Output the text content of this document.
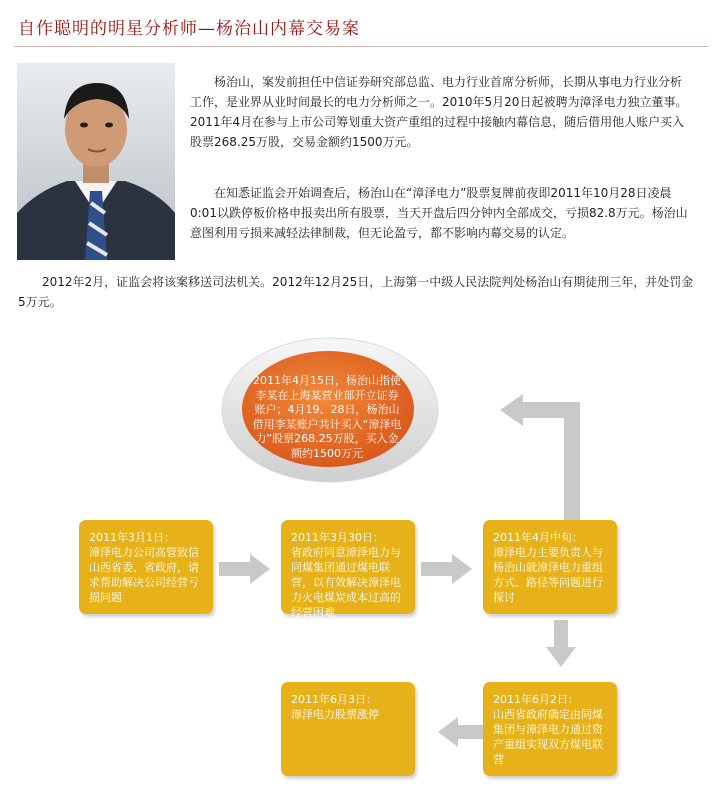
自作聪明的明星分析师—杨治山内幕交易案

杨治山，案发前担任中信证券研究部总监、电力行业首席分析师，长期从事电力行业分析工作，是业界从业时间最长的电力分析师之一。2010年5月20日起被聘为漳泽电力独立董事。2011年4月在参与上市公司筹划重大资产重组的过程中接触内幕信息，随后借用他人账户买入股票268.25万股，交易金额约1500万元。

在知悉证监会开始调查后，杨治山在“漳泽电力”股票复牌前夜即2011年10月28日凌晨0:01以跌停板价格申报卖出所有股票，当天开盘后四分钟内全部成交，亏损82.8万元。杨治山意图利用亏损来减轻法律制裁，但无论盈亏，都不影响内幕交易的认定。

2012年2月，证监会将该案移送司法机关。2012年12月25日，上海第一中级人民法院判处杨治山有期徒刑三年，并处罚金5万元。

2011年4月15日，杨治山指使李某在上海某营业部开立证券账户；4月19、28日，杨治山借用李某账户共计买入“漳泽电力”股票268.25万股，买入金额约1500万元
2011年3月1日：
漳泽电力公司高管致信山西省委、省政府，请求帮助解决公司经营亏损问题
2011年3月30日：
省政府同意漳泽电力与同煤集团通过煤电联营，以有效解决漳泽电力火电煤炭成本过高的经营困难
2011年4月中旬：
漳泽电力主要负责人与杨治山就漳泽电力重组方式、路径等问题进行探讨
2011年6月2日：
山西省政府确定由同煤集团与漳泽电力通过资产重组实现双方煤电联营
2011年6月3日：
漳泽电力股票涨停
